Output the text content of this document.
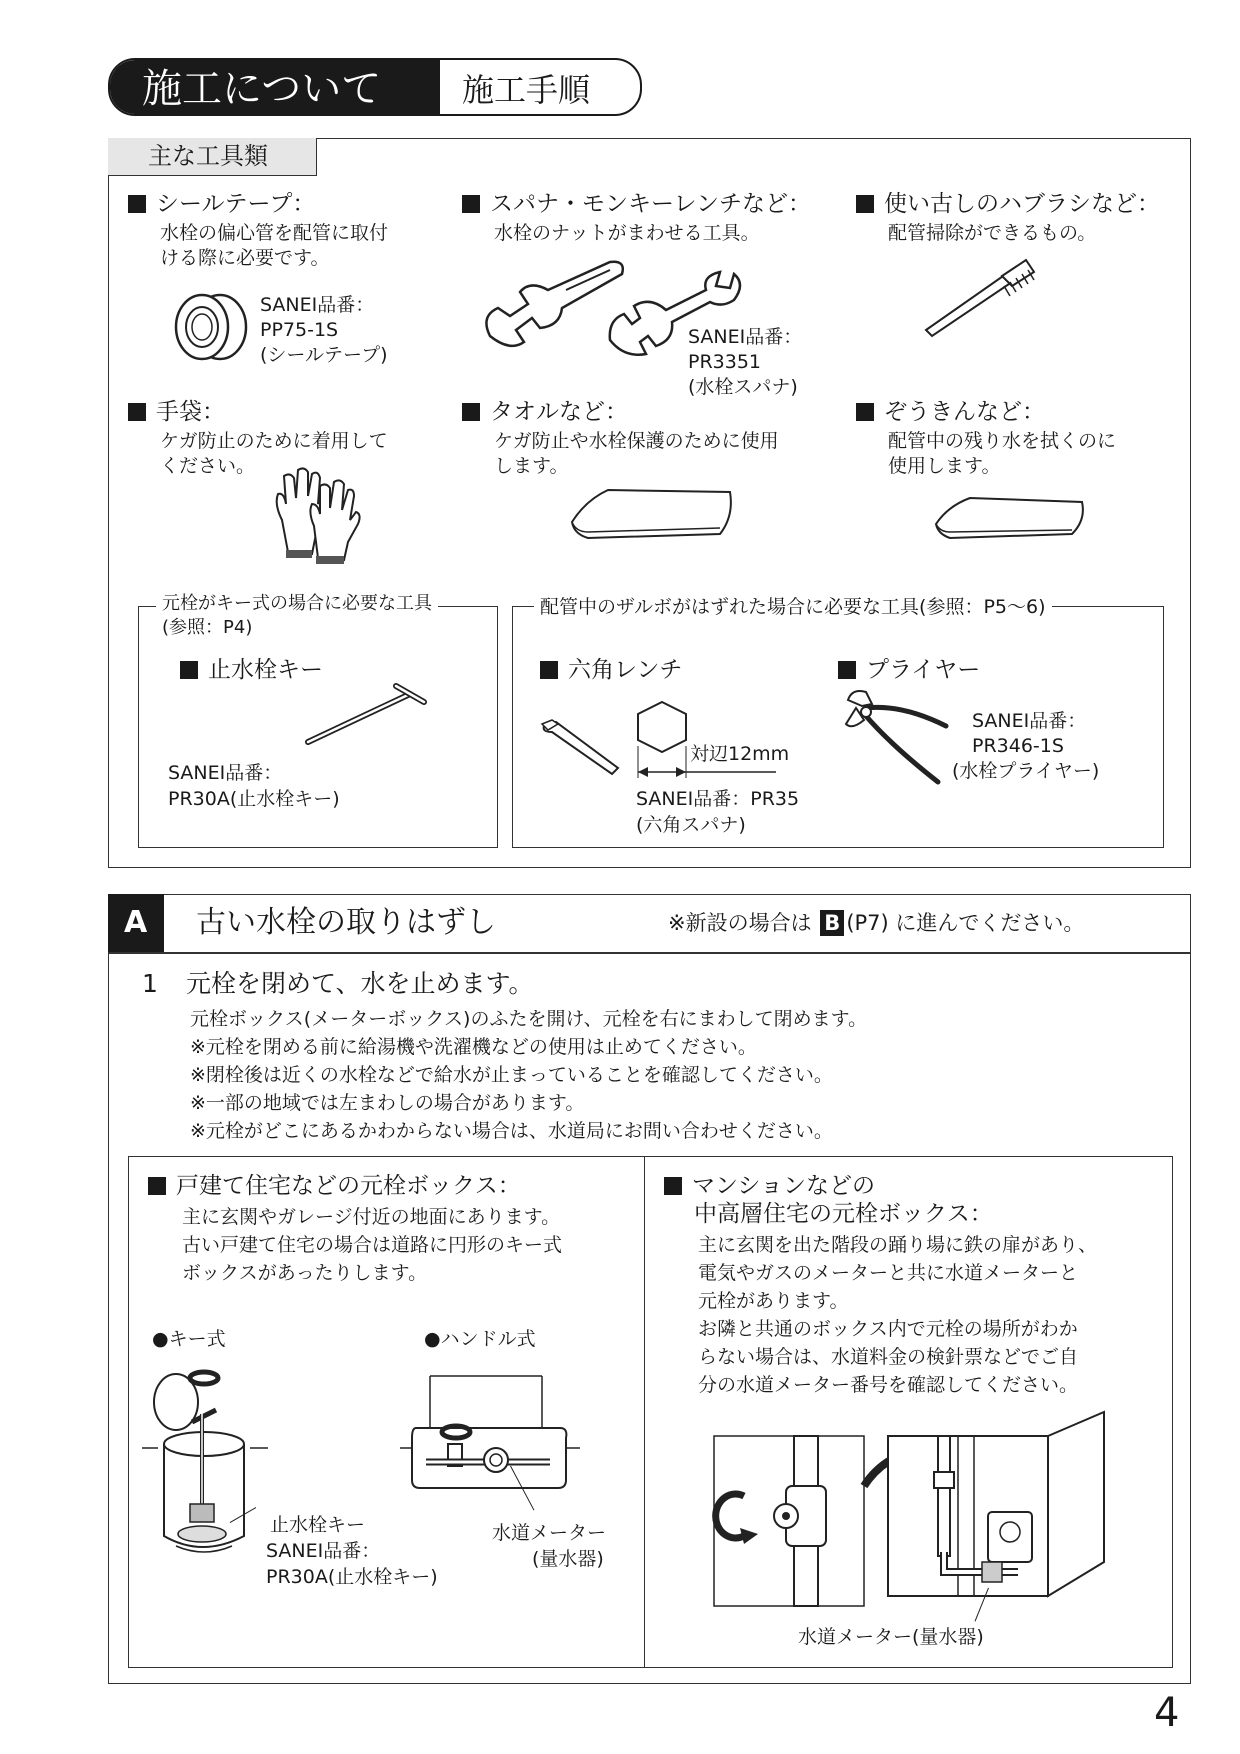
施工について	施工手順
主な工具類
シールテープ：
水栓の偏心管を配管に取付
ける際に必要です。
SANEI品番：
PP75-1S
(シールテープ)
スパナ・モンキーレンチなど：
水栓のナットがまわせる工具。
SANEI品番：
PR3351
(水栓スパナ)
使い古しのハブラシなど：
配管掃除ができるもの。
手袋：
ケガ防止のために着用して
ください。
タオルなど：
ケガ防止や水栓保護のために使用
します。
ぞうきんなど：
配管中の残り水を拭くのに
使用します。
元栓がキー式の場合に必要な工具
(参照：P4)
止水栓キー
SANEI品番：
PR30A(止水栓キー)
配管中のザルボがはずれた場合に必要な工具(参照：P5〜6)
六角レンチ
対辺12mm
SANEI品番：PR35
(六角スパナ)
プライヤー
SANEI品番：
PR346-1S
(水栓プライヤー)
A 古い水栓の取りはずし	※新設の場合は B (P7) に進んでください。
1 元栓を閉めて、水を止めます。
元栓ボックス(メーターボックス)のふたを開け、元栓を右にまわして閉めます。
※元栓を閉める前に給湯機や洗濯機などの使用は止めてください。
※閉栓後は近くの水栓などで給水が止まっていることを確認してください。
※一部の地域では左まわしの場合があります。
※元栓がどこにあるかわからない場合は、水道局にお問い合わせください。
戸建て住宅などの元栓ボックス：
主に玄関やガレージ付近の地面にあります。
古い戸建て住宅の場合は道路に円形のキー式
ボックスがあったりします。
●キー式	●ハンドル式
止水栓キー
SANEI品番：
PR30A(止水栓キー)
水道メーター
(量水器)
マンションなどの
中高層住宅の元栓ボックス：
主に玄関を出た階段の踊り場に鉄の扉があり、
電気やガスのメーターと共に水道メーターと
元栓があります。
お隣と共通のボックス内で元栓の場所がわか
らない場合は、水道料金の検針票などでご自
分の水道メーター番号を確認してください。
水道メーター(量水器)
4
